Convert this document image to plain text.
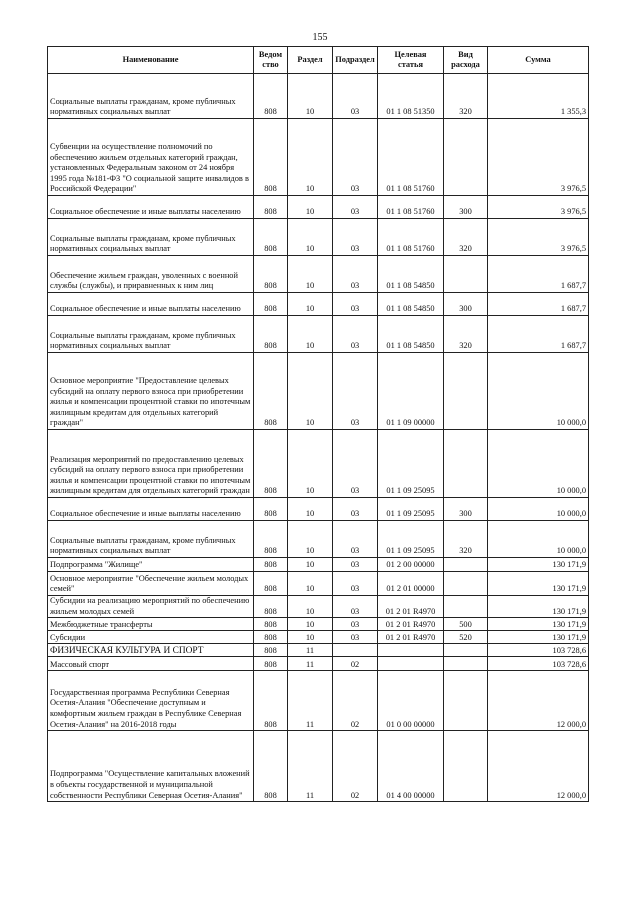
155
Наименование	Ведом
ство	Раздел	Подраздел	Целевая
статья	Вид
расхода	Сумма
Социальные выплаты гражданам, кроме публичных нормативных социальных выплат	808	10	03	01 1 08 51350	320	1 355,3
Субвенции на осуществление полномочий по обеспечению жильем отдельных категорий граждан, установленных Федеральным законом от 24 ноября 1995 года №181-ФЗ "О социальной защите инвалидов в Российской Федерации"	808	10	03	01 1 08 51760		3 976,5
Социальное обеспечение и иные выплаты населению	808	10	03	01 1 08 51760	300	3 976,5
Социальные выплаты гражданам, кроме публичных нормативных социальных выплат	808	10	03	01 1 08 51760	320	3 976,5
Обеспечение жильем граждан, уволенных с военной службы (службы), и приравненных к ним лиц	808	10	03	01 1 08 54850		1 687,7
Социальное обеспечение и иные выплаты населению	808	10	03	01 1 08 54850	300	1 687,7
Социальные выплаты гражданам, кроме публичных нормативных социальных выплат	808	10	03	01 1 08 54850	320	1 687,7
Основное мероприятие "Предоставление целевых субсидий на оплату первого взноса при приобретении жилья и компенсации процентной ставки по ипотечным жилищным кредитам для отдельных категорий граждан"	808	10	03	01 1 09 00000		10 000,0
Реализация мероприятий по предоставлению целевых субсидий на оплату первого взноса при приобретении жилья и компенсации процентной ставки по ипотечным жилищным кредитам для отдельных категорий граждан	808	10	03	01 1 09 25095		10 000,0
Социальное обеспечение и иные выплаты населению	808	10	03	01 1 09 25095	300	10 000,0
Социальные выплаты гражданам, кроме публичных нормативных социальных выплат	808	10	03	01 1 09 25095	320	10 000,0
Подпрограмма "Жилище"	808	10	03	01 2 00 00000		130 171,9
Основное мероприятие "Обеспечение жильем молодых семей"	808	10	03	01 2 01 00000		130 171,9
Субсидии на реализацию мероприятий по обеспечению жильем молодых семей	808	10	03	01 2 01 R4970		130 171,9
Межбюджетные трансферты	808	10	03	01 2 01 R4970	500	130 171,9
Субсидии	808	10	03	01 2 01 R4970	520	130 171,9
ФИЗИЧЕСКАЯ КУЛЬТУРА И СПОРТ	808	11				103 728,6
Массовый спорт	808	11	02			103 728,6
Государственная программа Республики Северная Осетия-Алания "Обеспечение доступным и комфортным жильем граждан в Республике Северная Осетия-Алания" на 2016-2018 годы	808	11	02	01 0 00 00000		12 000,0
Подпрограмма "Осуществление капитальных вложений в объекты государственной и муниципальной собственности Республики Северная Осетия-Алания"	808	11	02	01 4 00 00000		12 000,0
